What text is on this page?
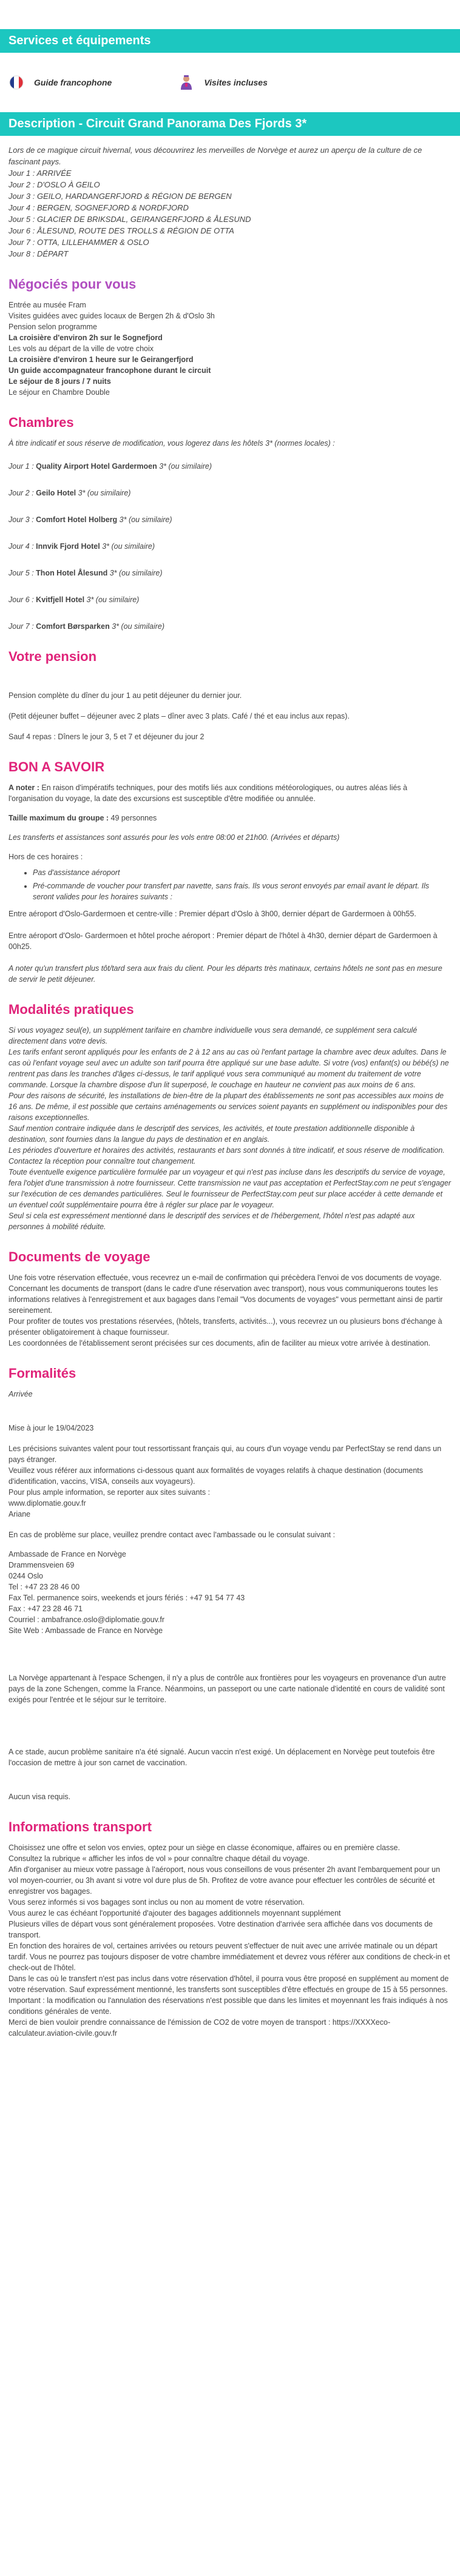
Services et équipements
Guide francophone	Visites incluses
Description - Circuit Grand Panorama Des Fjords 3*
Lors de ce magique circuit hivernal, vous découvrirez les merveilles de Norvège et aurez un aperçu de la culture de ce fascinant pays.
Jour 1 : ARRIVÉE
Jour 2 : D'OSLO À GEILO
Jour 3 : GEILO, HARDANGERFJORD & RÉGION DE BERGEN
Jour 4 : BERGEN, SOGNEFJORD & NORDFJORD
Jour 5 : GLACIER DE BRIKSDAL, GEIRANGERFJORD & ÅLESUND
Jour 6 : ÅLESUND, ROUTE DES TROLLS & RÉGION DE OTTA
Jour 7 : OTTA, LILLEHAMMER & OSLO
Jour 8 : DÉPART
Négociés pour vous
Entrée au musée Fram
Visites guidées avec guides locaux de Bergen 2h & d'Oslo 3h
Pension selon programme
La croisière d'environ 2h sur le Sognefjord
Les vols au départ de la ville de votre choix
La croisière d'environ 1 heure sur le Geirangerfjord
Un guide accompagnateur francophone durant le circuit
Le séjour de 8 jours / 7 nuits
Le séjour en Chambre Double
Chambres
À titre indicatif et sous réserve de modification, vous logerez dans les hôtels 3* (normes locales) :
Jour 1 : Quality Airport Hotel Gardermoen 3* (ou similaire)
Jour 2 : Geilo Hotel 3* (ou similaire)
Jour 3 : Comfort Hotel Holberg 3* (ou similaire)
Jour 4 : Innvik Fjord Hotel 3* (ou similaire)
Jour 5 : Thon Hotel Ålesund 3* (ou similaire)
Jour 6 : Kvitfjell Hotel 3* (ou similaire)
Jour 7 : Comfort Børsparken 3* (ou similaire)
Votre pension
Pension complète du dîner du jour 1 au petit déjeuner du dernier jour.
(Petit déjeuner buffet – déjeuner avec 2 plats – dîner avec 3 plats. Café / thé et eau inclus aux repas).
Sauf 4 repas : Dîners le jour 3, 5 et 7 et déjeuner du jour 2
BON A SAVOIR
A noter : En raison d'impératifs techniques, pour des motifs liés aux conditions météorologiques, ou autres aléas liés à l'organisation du voyage, la date des excursions est susceptible d'être modifiée ou annulée.
Taille maximum du groupe : 49 personnes
Les transferts et assistances sont assurés pour les vols entre 08:00 et 21h00. (Arrivées et départs)
Hors de ces horaires :
• Pas d'assistance aéroport
• Pré-commande de voucher pour transfert par navette, sans frais. Ils vous seront envoyés par email avant le départ. Ils seront valides pour les horaires suivants :
Entre aéroport d'Oslo-Gardermoen et centre-ville : Premier départ d'Oslo à 3h00, dernier départ de Gardermoen à 00h55.
Entre aéroport d'Oslo- Gardermoen et hôtel proche aéroport : Premier départ de l'hôtel à 4h30, dernier départ de Gardermoen à 00h25.
A noter qu'un transfert plus tôt/tard sera aux frais du client. Pour les départs très matinaux, certains hôtels ne sont pas en mesure de servir le petit déjeuner.
Modalités pratiques
Si vous voyagez seul(e), un supplément tarifaire en chambre individuelle vous sera demandé, ce supplément sera calculé directement dans votre devis.
Les tarifs enfant seront appliqués pour les enfants de 2 à 12 ans au cas où l'enfant partage la chambre avec deux adultes. Dans le cas où l'enfant voyage seul avec un adulte son tarif pourra être appliqué sur une base adulte. Si votre (vos) enfant(s) ou bébé(s) ne rentrent pas dans les tranches d'âges ci-dessus, le tarif appliqué vous sera communiqué au moment du traitement de votre commande. Lorsque la chambre dispose d'un lit superposé, le couchage en hauteur ne convient pas aux moins de 6 ans.
Pour des raisons de sécurité, les installations de bien-être de la plupart des établissements ne sont pas accessibles aux moins de 16 ans. De même, il est possible que certains aménagements ou services soient payants en supplément ou indisponibles pour des raisons exceptionnelles.
Sauf mention contraire indiquée dans le descriptif des services, les activités, et toute prestation additionnelle disponible à destination, sont fournies dans la langue du pays de destination et en anglais.
Les périodes d'ouverture et horaires des activités, restaurants et bars sont donnés à titre indicatif, et sous réserve de modification. Contactez la réception pour connaître tout changement.
Toute éventuelle exigence particulière formulée par un voyageur et qui n'est pas incluse dans les descriptifs du service de voyage, fera l'objet d'une transmission à notre fournisseur. Cette transmission ne vaut pas acceptation et PerfectStay.com ne peut s'engager sur l'exécution de ces demandes particulières. Seul le fournisseur de PerfectStay.com peut sur place accéder à cette demande et un éventuel coût supplémentaire pourra être à régler sur place par le voyageur.
Seul si cela est expressément mentionné dans le descriptif des services et de l'hébergement, l'hôtel n'est pas adapté aux personnes à mobilité réduite.
Documents de voyage
Une fois votre réservation effectuée, vous recevrez un e-mail de confirmation qui précèdera l'envoi de vos documents de voyage.
Concernant les documents de transport (dans le cadre d'une réservation avec transport), nous vous communiquerons toutes les informations relatives à l'enregistrement et aux bagages dans l'email "Vos documents de voyages" vous permettant ainsi de partir sereinement.
Pour profiter de toutes vos prestations réservées, (hôtels, transferts, activités...), vous recevrez un ou plusieurs bons d'échange à présenter obligatoirement à chaque fournisseur.
Les coordonnées de l'établissement seront précisées sur ces documents, afin de faciliter au mieux votre arrivée à destination.
Formalités
Arrivée
Mise à jour le 19/04/2023
Les précisions suivantes valent pour tout ressortissant français qui, au cours d'un voyage vendu par PerfectStay se rend dans un pays étranger.
Veuillez vous référer aux informations ci-dessous quant aux formalités de voyages relatifs à chaque destination (documents d'identification, vaccins, VISA, conseils aux voyageurs).
Pour plus ample information, se reporter aux sites suivants :
www.diplomatie.gouv.fr
Ariane
En cas de problème sur place, veuillez prendre contact avec l'ambassade ou le consulat suivant :
Ambassade de France en Norvège
Drammensveien 69
0244 Oslo
Tel : +47 23 28 46 00
Fax Tel. permanence soirs, weekends et jours fériés : +47 91 54 77 43
Fax : +47 23 28 46 71
Courriel : ambafrance.oslo@diplomatie.gouv.fr
Site Web : Ambassade de France en Norvège
La Norvège appartenant à l'espace Schengen, il n'y a plus de contrôle aux frontières pour les voyageurs en provenance d'un autre pays de la zone Schengen, comme la France. Néanmoins, un passeport ou une carte nationale d'identité en cours de validité sont exigés pour l'entrée et le séjour sur le territoire.
A ce stade, aucun problème sanitaire n'a été signalé. Aucun vaccin n'est exigé. Un déplacement en Norvège peut toutefois être l'occasion de mettre à jour son carnet de vaccination.
Aucun visa requis.
Informations transport
Choisissez une offre et selon vos envies, optez pour un siège en classe économique, affaires ou en première classe.
Consultez la rubrique « afficher les infos de vol » pour connaître chaque détail du voyage.
Afin d'organiser au mieux votre passage à l'aéroport, nous vous conseillons de vous présenter 2h avant l'embarquement pour un vol moyen-courrier, ou 3h avant si votre vol dure plus de 5h. Profitez de votre avance pour effectuer les contrôles de sécurité et enregistrer vos bagages.
Vous serez informés si vos bagages sont inclus ou non au moment de votre réservation.
Vous aurez le cas échéant l'opportunité d'ajouter des bagages additionnels moyennant supplément
Plusieurs villes de départ vous sont généralement proposées. Votre destination d'arrivée sera affichée dans vos documents de transport.
En fonction des horaires de vol, certaines arrivées ou retours peuvent s'effectuer de nuit avec une arrivée matinale ou un départ tardif. Vous ne pourrez pas toujours disposer de votre chambre immédiatement et devrez vous référer aux conditions de check-in et check-out de l'hôtel.
Dans le cas où le transfert n'est pas inclus dans votre réservation d'hôtel, il pourra vous être proposé en supplément au moment de votre réservation. Sauf expressément mentionné, les transferts sont susceptibles d'être effectués en groupe de 15 à 55 personnes.
Important : la modification ou l'annulation des réservations n'est possible que dans les limites et moyennant les frais indiqués à nos conditions générales de vente.
Merci de bien vouloir prendre connaissance de l'émission de CO2 de votre moyen de transport : https://XXXXeco-calculateur.aviation-civile.gouv.fr
